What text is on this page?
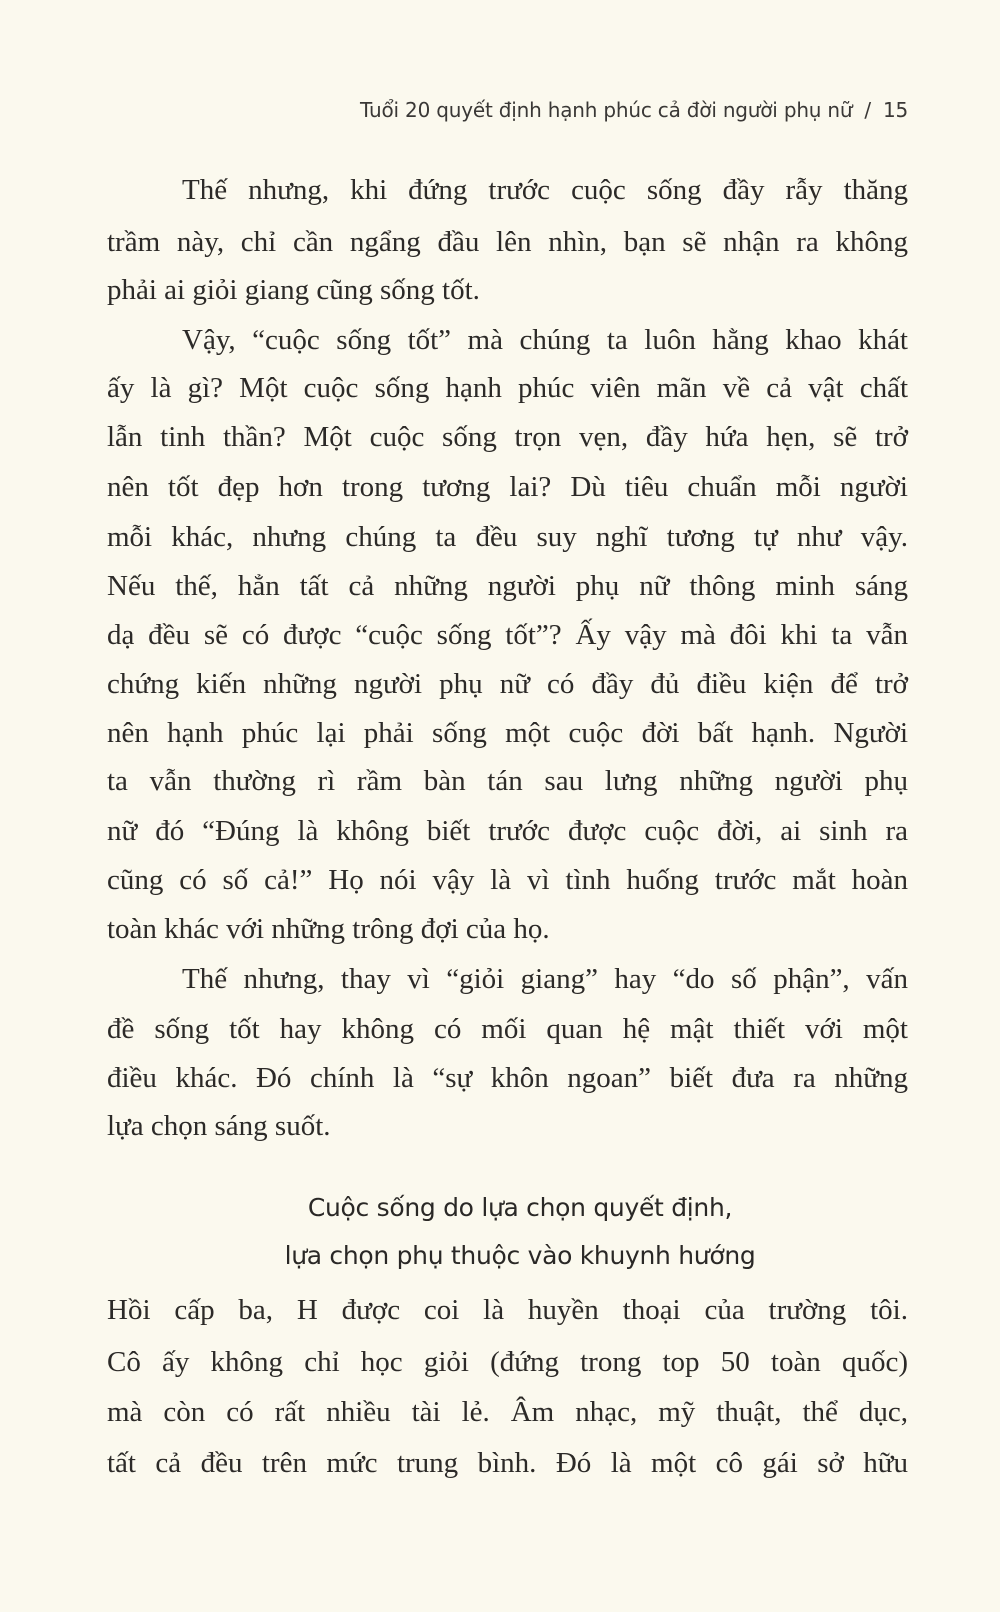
Tuổi 20 quyết định hạnh phúc cả đời người phụ nữ / 15
Thế nhưng, khi đứng trước cuộc sống đầy rẫy thăng
trầm này, chỉ cần ngẩng đầu lên nhìn, bạn sẽ nhận ra không
phải ai giỏi giang cũng sống tốt.
Vậy, “cuộc sống tốt” mà chúng ta luôn hằng khao khát
ấy là gì? Một cuộc sống hạnh phúc viên mãn về cả vật chất
lẫn tinh thần? Một cuộc sống trọn vẹn, đầy hứa hẹn, sẽ trở
nên tốt đẹp hơn trong tương lai? Dù tiêu chuẩn mỗi người
mỗi khác, nhưng chúng ta đều suy nghĩ tương tự như vậy.
Nếu thế, hẳn tất cả những người phụ nữ thông minh sáng
dạ đều sẽ có được “cuộc sống tốt”? Ấy vậy mà đôi khi ta vẫn
chứng kiến những người phụ nữ có đầy đủ điều kiện để trở
nên hạnh phúc lại phải sống một cuộc đời bất hạnh. Người
ta vẫn thường rì rầm bàn tán sau lưng những người phụ
nữ đó “Đúng là không biết trước được cuộc đời, ai sinh ra
cũng có số cả!” Họ nói vậy là vì tình huống trước mắt hoàn
toàn khác với những trông đợi của họ.
Thế nhưng, thay vì “giỏi giang” hay “do số phận”, vấn
đề sống tốt hay không có mối quan hệ mật thiết với một
điều khác. Đó chính là “sự khôn ngoan” biết đưa ra những
lựa chọn sáng suốt.
Cuộc sống do lựa chọn quyết định,
lựa chọn phụ thuộc vào khuynh hướng
Hồi cấp ba, H được coi là huyền thoại của trường tôi.
Cô ấy không chỉ học giỏi (đứng trong top 50 toàn quốc)
mà còn có rất nhiều tài lẻ. Âm nhạc, mỹ thuật, thể dục,
tất cả đều trên mức trung bình. Đó là một cô gái sở hữu
